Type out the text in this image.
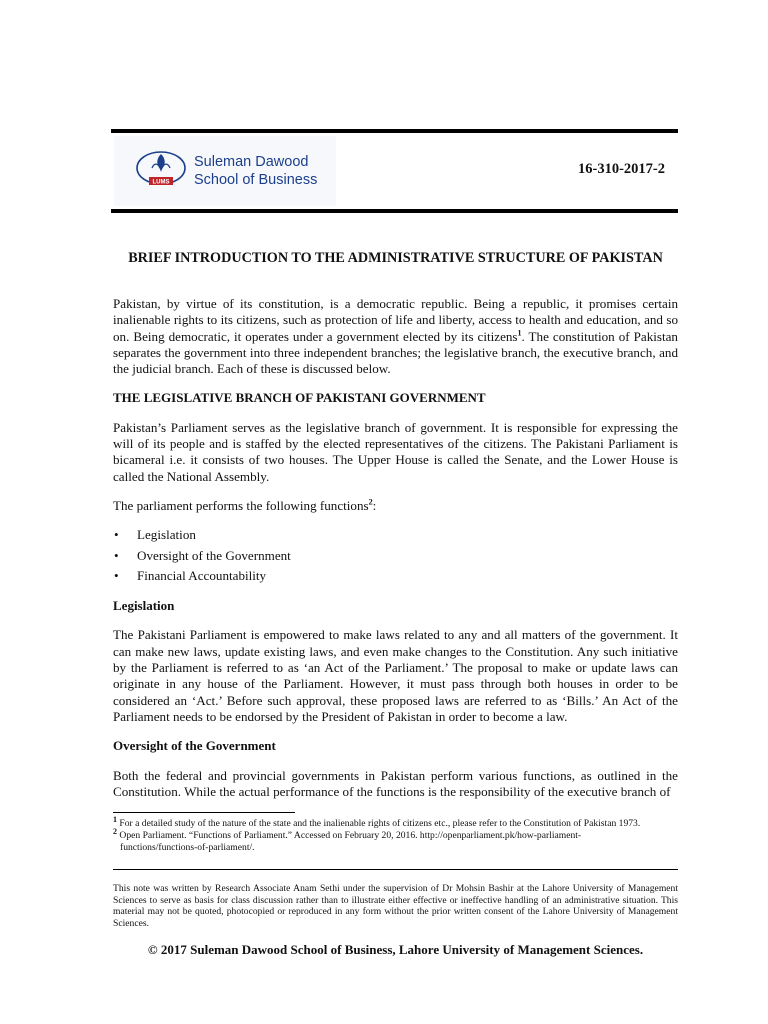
LUMS
Suleman Dawood
School of Business
16-310-2017-2
BRIEF INTRODUCTION TO THE ADMINISTRATIVE STRUCTURE OF PAKISTAN

Pakistan, by virtue of its constitution, is a democratic republic. Being a republic, it promises certain inalienable rights to its citizens, such as protection of life and liberty, access to health and education, and so on. Being democratic, it operates under a government elected by its citizens$^1$. The constitution of Pakistan separates the government into three independent branches; the legislative branch, the executive branch, and the judicial branch. Each of these is discussed below.

THE LEGISLATIVE BRANCH OF PAKISTANI GOVERNMENT

Pakistan’s Parliament serves as the legislative branch of government. It is responsible for expressing the will of its people and is staffed by the elected representatives of the citizens. The Pakistani Parliament is bicameral i.e. it consists of two houses. The Upper House is called the Senate, and the Lower House is called the National Assembly.

The parliament performs the following functions$^2$:

• Legislation
• Oversight of the Government
• Financial Accountability
Legislation

The Pakistani Parliament is empowered to make laws related to any and all matters of the government. It can make new laws, update existing laws, and even make changes to the Constitution. Any such initiative by the Parliament is referred to as ‘an Act of the Parliament.’ The proposal to make or update laws can originate in any house of the Parliament. However, it must pass through both houses in order to be considered an ‘Act.’ Before such approval, these proposed laws are referred to as ‘Bills.’ An Act of the Parliament needs to be endorsed by the President of Pakistan in order to become a law.

Oversight of the Government

Both the federal and provincial governments in Pakistan perform various functions, as outlined in the Constitution. While the actual performance of the functions is the responsibility of the executive branch of

$^1$ For a detailed study of the nature of the state and the inalienable rights of citizens etc., please refer to the Constitution of Pakistan 1973.
$^2$ Open Parliament. “Functions of Parliament.” Accessed on February 20, 2016. http://openparliament.pk/how-parliament-
functions/functions-of-parliament/.
This note was written by Research Associate Anam Sethi under the supervision of Dr Mohsin Bashir at the Lahore University of Management Sciences to serve as basis for class discussion rather than to illustrate either effective or ineffective handling of an administrative situation. This material may not be quoted, photocopied or reproduced in any form without the prior written consent of the Lahore University of Management Sciences.
© 2017 Suleman Dawood School of Business, Lahore University of Management Sciences.
